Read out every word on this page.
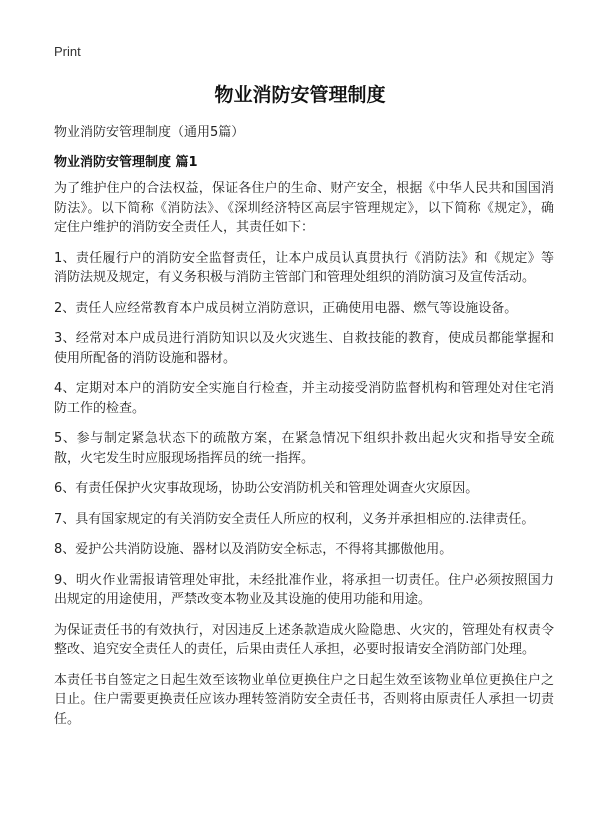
Print
物业消防安管理制度
物业消防安管理制度（通用5篇）
物业消防安管理制度 篇1

为了维护住户的合法权益，保证各住户的生命、财产安全，根据《中华人民共和国国消防法》。以下简称《消防法》、《深圳经济特区高层宇管理规定》，以下简称《规定》，确定住户维护的消防安全责任人，其责任如下：

1、责任履行户的消防安全监督责任，让本户成员认真贯执行《消防法》和《规定》等消防法规及规定，有义务积极与消防主管部门和管理处组织的消防演习及宣传活动。

2、责任人应经常教育本户成员树立消防意识，正确使用电器、燃气等设施设备。

3、经常对本户成员进行消防知识以及火灾逃生、自救技能的教育，使成员都能掌握和使用所配备的消防设施和器材。

4、定期对本户的消防安全实施自行检查，并主动接受消防监督机构和管理处对住宅消防工作的检查。

5、参与制定紧急状态下的疏散方案，在紧急情况下组织扑救出起火灾和指导安全疏散，火宅发生时应服现场指挥员的统一指挥。

6、有责任保护火灾事故现场，协助公安消防机关和管理处调查火灾原因。

7、具有国家规定的有关消防安全责任人所应的权利，义务并承担相应的.法律责任。

8、爱护公共消防设施、器材以及消防安全标志，不得将其挪傲他用。

9、明火作业需报请管理处审批，未经批准作业，将承担一切责任。住户必须按照国力出规定的用途使用，严禁改变本物业及其设施的使用功能和用途。

为保证责任书的有效执行，对因违反上述条款造成火险隐患、火灾的，管理处有权责令整改、追究安全责任人的责任，后果由责任人承担，必要时报请安全消防部门处理。

本责任书自签定之日起生效至该物业单位更换住户之日起生效至该物业单位更换住户之日止。住户需要更换责任应该办理转签消防安全责任书，否则将由原责任人承担一切责任。
